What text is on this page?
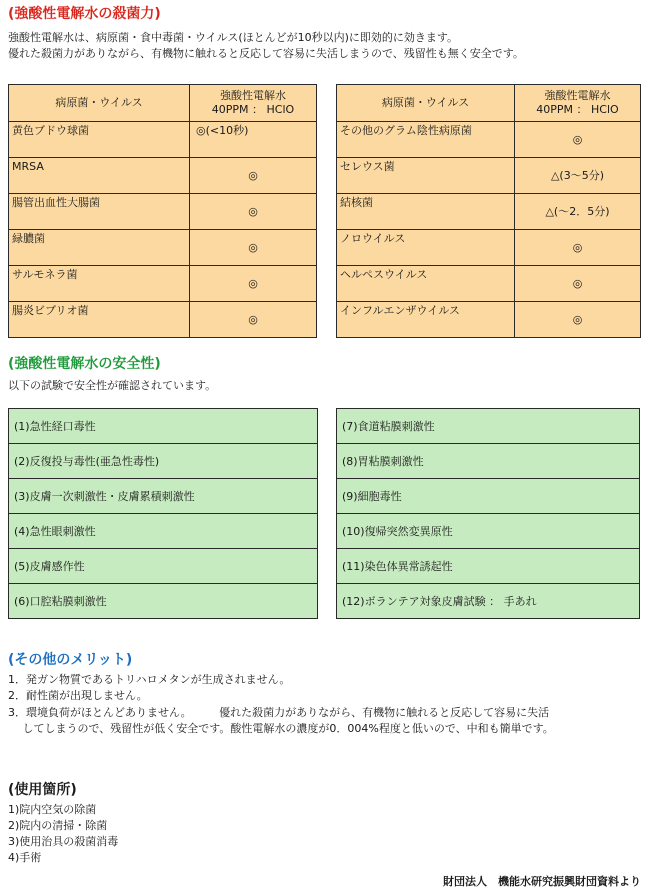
(強酸性電解水の殺菌力)
強酸性電解水は、病原菌・食中毒菌・ウイルス(ほとんどが10秒以内)に即効的に効きます。
優れた殺菌力がありながら、有機物に触れると反応して容易に失活しまうので、残留性も無く安全です。
病原菌・ウイルス	強酸性電解水
40PPM ： HClO

黄色ブドウ球菌	◎(<10秒)
MRSA	◎
腸管出血性大腸菌	◎
緑膿菌	◎
サルモネラ菌	◎
腸炎ビブリオ菌	◎
病原菌・ウイルス	強酸性電解水
40PPM ： HClO

その他のグラム陰性病原菌	◎
セレウス菌	△(3～5分)
結核菌	△(～2．5分)
ノロウイルス	◎
ヘルペスウイルス	◎
インフルエンザウイルス	◎
(強酸性電解水の安全性)
以下の試験で安全性が確認されています。
(1)急性経口毒性
(2)反復投与毒性(亜急性毒性)
(3)皮膚一次刺激性・皮膚累積刺激性
(4)急性眼刺激性
(5)皮膚感作性
(6)口腔粘膜刺激性
(7)食道粘膜刺激性
(8)胃粘膜刺激性
(9)細胞毒性
(10)復帰突然変異原性
(11)染色体異常誘起性
(12)ボランテア対象皮膚試験 ： 手あれ
(その他のメリット)
1．発ガン物質であるトリハロメタンが生成されません。
2．耐性菌が出現しません。
3．環境負荷がほとんどありません。　　　優れた殺菌力がありながら、有機物に触れると反応して容易に失活
　 してしまうので、残留性が低く安全です。酸性電解水の濃度が0．004%程度と低いので、中和も簡単です。
(使用箇所)
1)院内空気の除菌
2)院内の清掃・除菌
3)使用治具の殺菌消毒
4)手術
財団法人　機能水研究振興財団資料より
